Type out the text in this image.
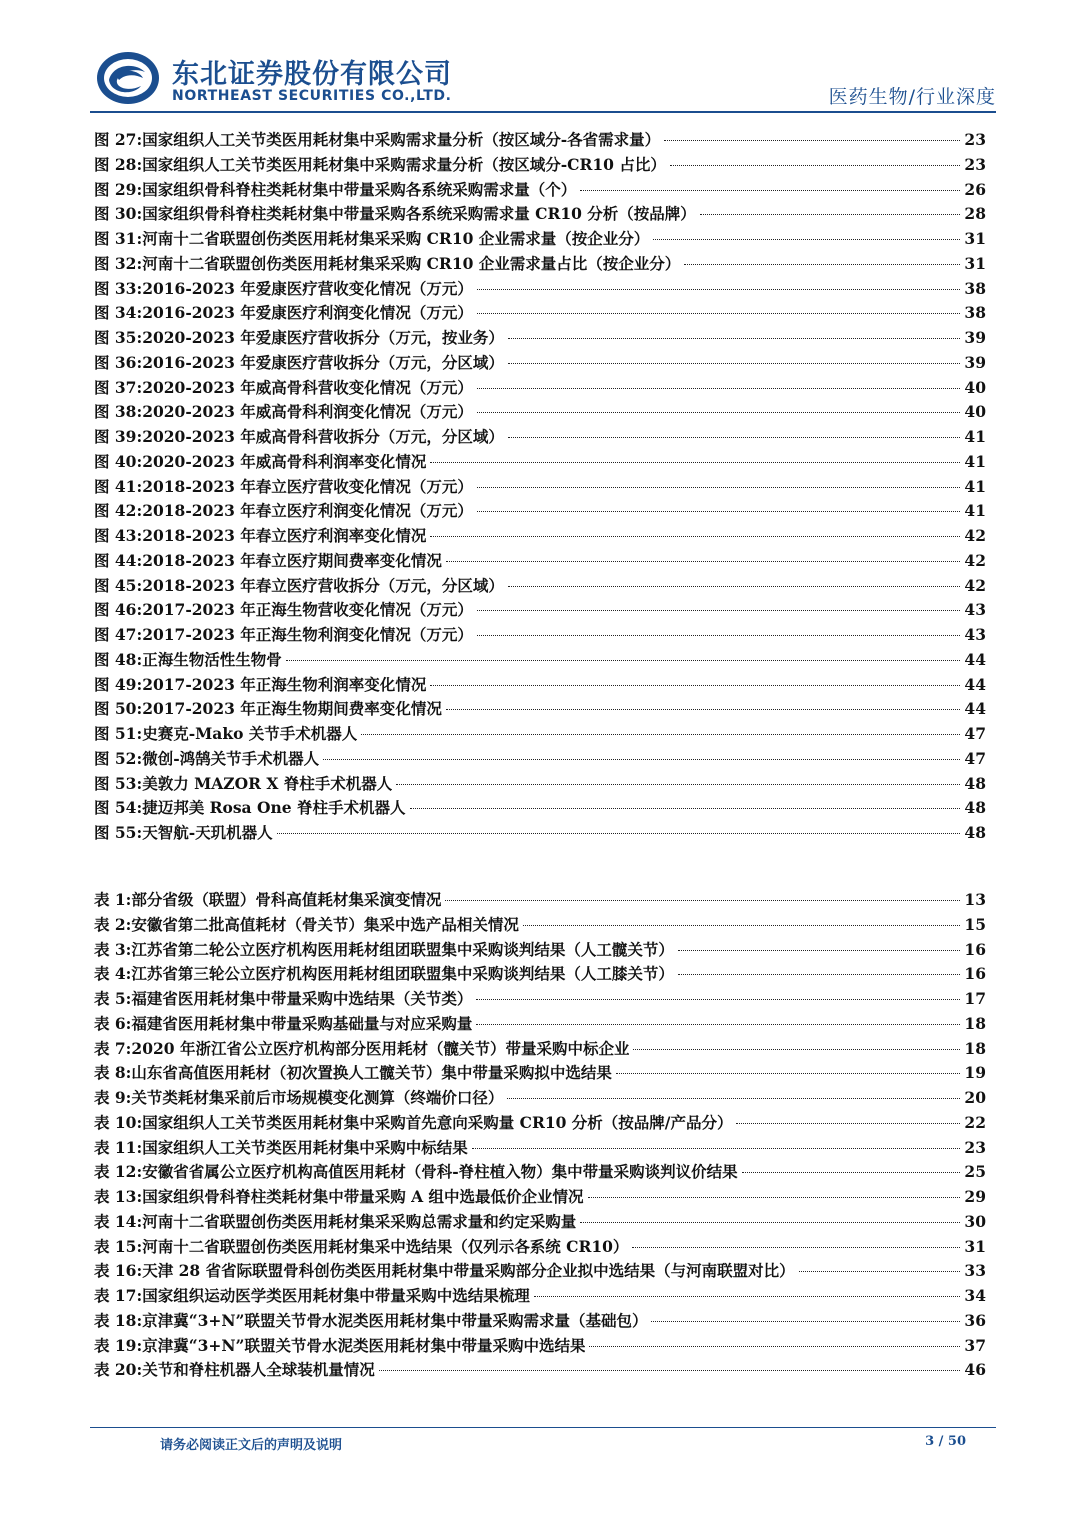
东北证券股份有限公司
NORTHEAST SECURITIES CO.,LTD.	医药生物/行业深度
图 27: 国家组织人工关节类医用耗材集中采购需求量分析（按区域分-各省需求量）	23
图 28: 国家组织人工关节类医用耗材集中采购需求量分析（按区域分-CR10 占比）	23
图 29: 国家组织骨科脊柱类耗材集中带量采购各系统采购需求量（个）	26
图 30: 国家组织骨科脊柱类耗材集中带量采购各系统采购需求量 CR10 分析（按品牌）	28
图 31: 河南十二省联盟创伤类医用耗材集采采购 CR10 企业需求量（按企业分）	31
图 32: 河南十二省联盟创伤类医用耗材集采采购 CR10 企业需求量占比（按企业分）	31
图 33: 2016-2023 年爱康医疗营收变化情况（万元）	38
图 34: 2016-2023 年爱康医疗利润变化情况（万元）	38
图 35: 2020-2023 年爱康医疗营收拆分（万元，按业务）	39
图 36: 2016-2023 年爱康医疗营收拆分（万元，分区域）	39
图 37: 2020-2023 年威高骨科营收变化情况（万元）	40
图 38: 2020-2023 年威高骨科利润变化情况（万元）	40
图 39: 2020-2023 年威高骨科营收拆分（万元，分区域）	41
图 40: 2020-2023 年威高骨科利润率变化情况	41
图 41: 2018-2023 年春立医疗营收变化情况（万元）	41
图 42: 2018-2023 年春立医疗利润变化情况（万元）	41
图 43: 2018-2023 年春立医疗利润率变化情况	42
图 44: 2018-2023 年春立医疗期间费率变化情况	42
图 45: 2018-2023 年春立医疗营收拆分（万元，分区域）	42
图 46: 2017-2023 年正海生物营收变化情况（万元）	43
图 47: 2017-2023 年正海生物利润变化情况（万元）	43
图 48: 正海生物活性生物骨	44
图 49: 2017-2023 年正海生物利润率变化情况	44
图 50: 2017-2023 年正海生物期间费率变化情况	44
图 51: 史赛克-Mako 关节手术机器人	47
图 52: 微创-鸿鹄关节手术机器人	47
图 53: 美敦力 MAZOR X 脊柱手术机器人	48
图 54: 捷迈邦美 Rosa One 脊柱手术机器人	48
图 55: 天智航-天玑机器人	48
表 1: 部分省级（联盟）骨科高值耗材集采演变情况	13
表 2: 安徽省第二批高值耗材（骨关节）集采中选产品相关情况	15
表 3: 江苏省第二轮公立医疗机构医用耗材组团联盟集中采购谈判结果（人工髋关节）	16
表 4: 江苏省第三轮公立医疗机构医用耗材组团联盟集中采购谈判结果（人工膝关节）	16
表 5: 福建省医用耗材集中带量采购中选结果（关节类）	17
表 6: 福建省医用耗材集中带量采购基础量与对应采购量	18
表 7: 2020 年浙江省公立医疗机构部分医用耗材（髋关节）带量采购中标企业	18
表 8: 山东省高值医用耗材（初次置换人工髋关节）集中带量采购拟中选结果	19
表 9: 关节类耗材集采前后市场规模变化测算（终端价口径）	20
表 10: 国家组织人工关节类医用耗材集中采购首先意向采购量 CR10 分析（按品牌/产品分）	22
表 11: 国家组织人工关节类医用耗材集中采购中标结果	23
表 12: 安徽省省属公立医疗机构高值医用耗材（骨科-脊柱植入物）集中带量采购谈判议价结果	25
表 13: 国家组织骨科脊柱类耗材集中带量采购 A 组中选最低价企业情况	29
表 14: 河南十二省联盟创伤类医用耗材集采采购总需求量和约定采购量	30
表 15: 河南十二省联盟创伤类医用耗材集采中选结果（仅列示各系统 CR10）	31
表 16: 天津 28 省省际联盟骨科创伤类医用耗材集中带量采购部分企业拟中选结果（与河南联盟对比）	33
表 17: 国家组织运动医学类医用耗材集中带量采购中选结果梳理	34
表 18: 京津冀“3+N”联盟关节骨水泥类医用耗材集中带量采购需求量（基础包）	36
表 19: 京津冀“3+N”联盟关节骨水泥类医用耗材集中带量采购中选结果	37
表 20: 关节和脊柱机器人全球装机量情况	46
请务必阅读正文后的声明及说明	3 / 50
